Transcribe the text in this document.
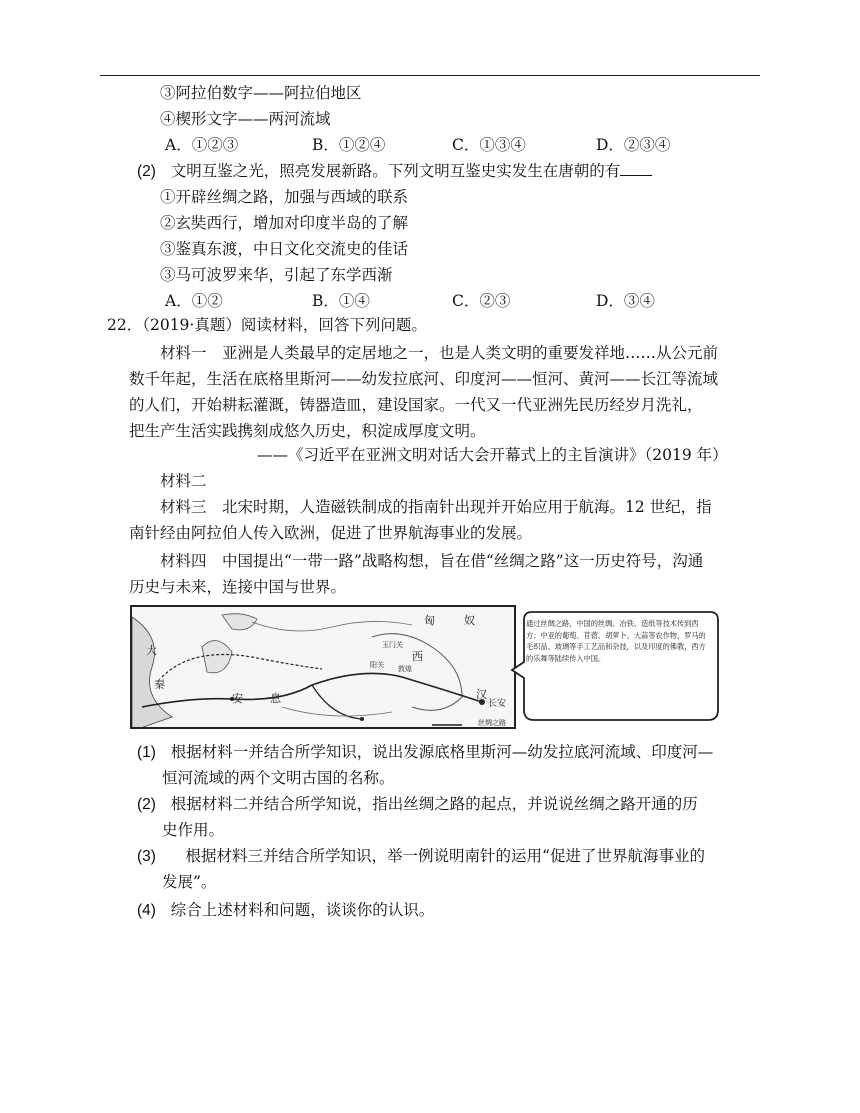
③阿拉伯数字——阿拉伯地区
④楔形文字——两河流域
A．①②③	B．①②④	C．①③④	D．②③④
(2) 文明互鉴之光，照亮发展新路。下列文明互鉴史实发生在唐朝的有
①开辟丝绸之路，加强与西域的联系
②玄奘西行，增加对印度半岛的了解
③鉴真东渡，中日文化交流史的佳话
③马可波罗来华，引起了东学西渐
A．①②	B．①④	C．②③	D．③④
22．（2019·真题）阅读材料，回答下列问题。
材料一　亚洲是人类最早的定居地之一，也是人类文明的重要发祥地……从公元前
数千年起，生活在底格里斯河——幼发拉底河、印度河——恒河、黄河——长江等流域
的人们，开始耕耘灌溉，铸器造皿，建设国家。一代又一代亚洲先民历经岁月洗礼，
把生产生活实践携刻成悠久历史，积淀成厚度文明。
——《习近平在亚洲文明对话大会开幕式上的主旨演讲》（2019 年）
材料二
材料三　北宋时期，人造磁铁制成的指南针出现并开始应用于航海。12 世纪，指
南针经由阿拉伯人传入欧洲，促进了世界航海事业的发展。
材料四　中国提出“一带一路”战略构想，旨在借“丝绸之路”这一历史符号，沟通
历史与未来，连接中国与世界。
匈	奴
大
秦
安 息
西
汉
长安
玉门关
敦煌
阳关
丝绸之路
通过丝绸之路，中国的丝绸、冶铁、造纸等技术传到西方；中亚的葡萄、苜蓿、胡萝卜、大蒜等农作物，罗马的毛织品、玻璃等手工艺品和杂技，以及印度的佛教，西方的乐舞等陆续传入中国。
(1) 根据材料一并结合所学知识，说出发源底格里斯河—幼发拉底河流域、印度河—
恒河流域的两个文明古国的名称。
(2) 根据材料二并结合所学知说，指出丝绸之路的起点，并说说丝绸之路开通的历
史作用。
(3) 根据材料三并结合所学知识，举一例说明南针的运用“促进了世界航海事业的
发展”。
(4) 综合上述材料和问题，谈谈你的认识。
